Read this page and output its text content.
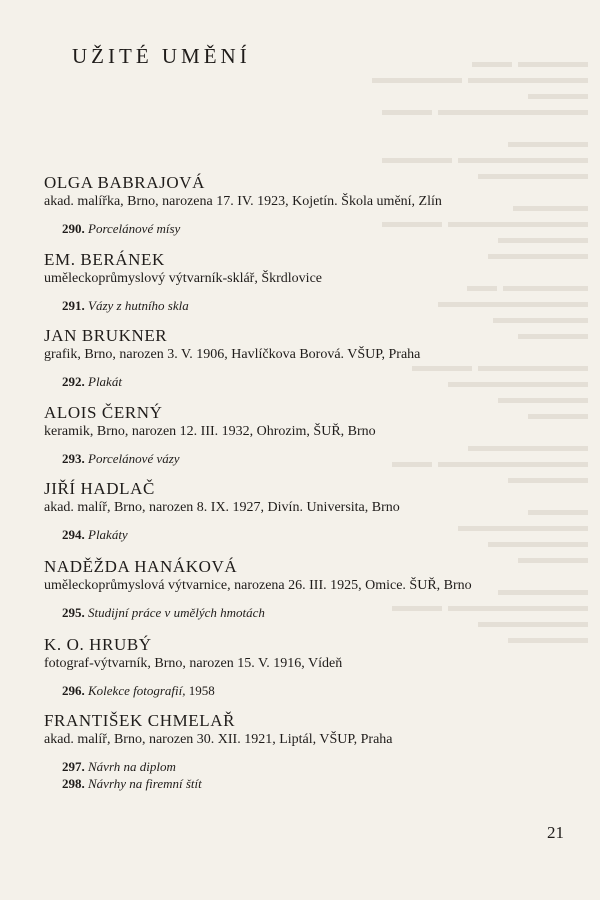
UŽITÉ UMĚNÍ
OLGA BABRAJOVÁ
akad. malířka, Brno, narozena 17. IV. 1923, Kojetín. Škola umění, Zlín
290. Porcelánové mísy
EM. BERÁNEK
uměleckoprůmyslový výtvarník-sklář, Škrdlovice
291. Vázy z hutního skla
JAN BRUKNER
grafik, Brno, narozen 3. V. 1906, Havlíčkova Borová. VŠUP, Praha
292. Plakát
ALOIS ČERNÝ
keramik, Brno, narozen 12. III. 1932, Ohrozim, ŠUŘ, Brno
293. Porcelánové vázy
JIŘÍ HADLAČ
akad. malíř, Brno, narozen 8. IX. 1927, Divín. Universita, Brno
294. Plakáty
NADĚŽDA HANÁKOVÁ
uměleckoprůmyslová výtvarnice, narozena 26. III. 1925, Omice. ŠUŘ, Brno
295. Studijní práce v umělých hmotách
K. O. HRUBÝ
fotograf-výtvarník, Brno, narozen 15. V. 1916, Vídeň
296. Kolekce fotografií, 1958
FRANTIŠEK CHMELAŘ
akad. malíř, Brno, narozen 30. XII. 1921, Liptál, VŠUP, Praha
297. Návrh na diplom
298. Návrhy na firemní štít
21
